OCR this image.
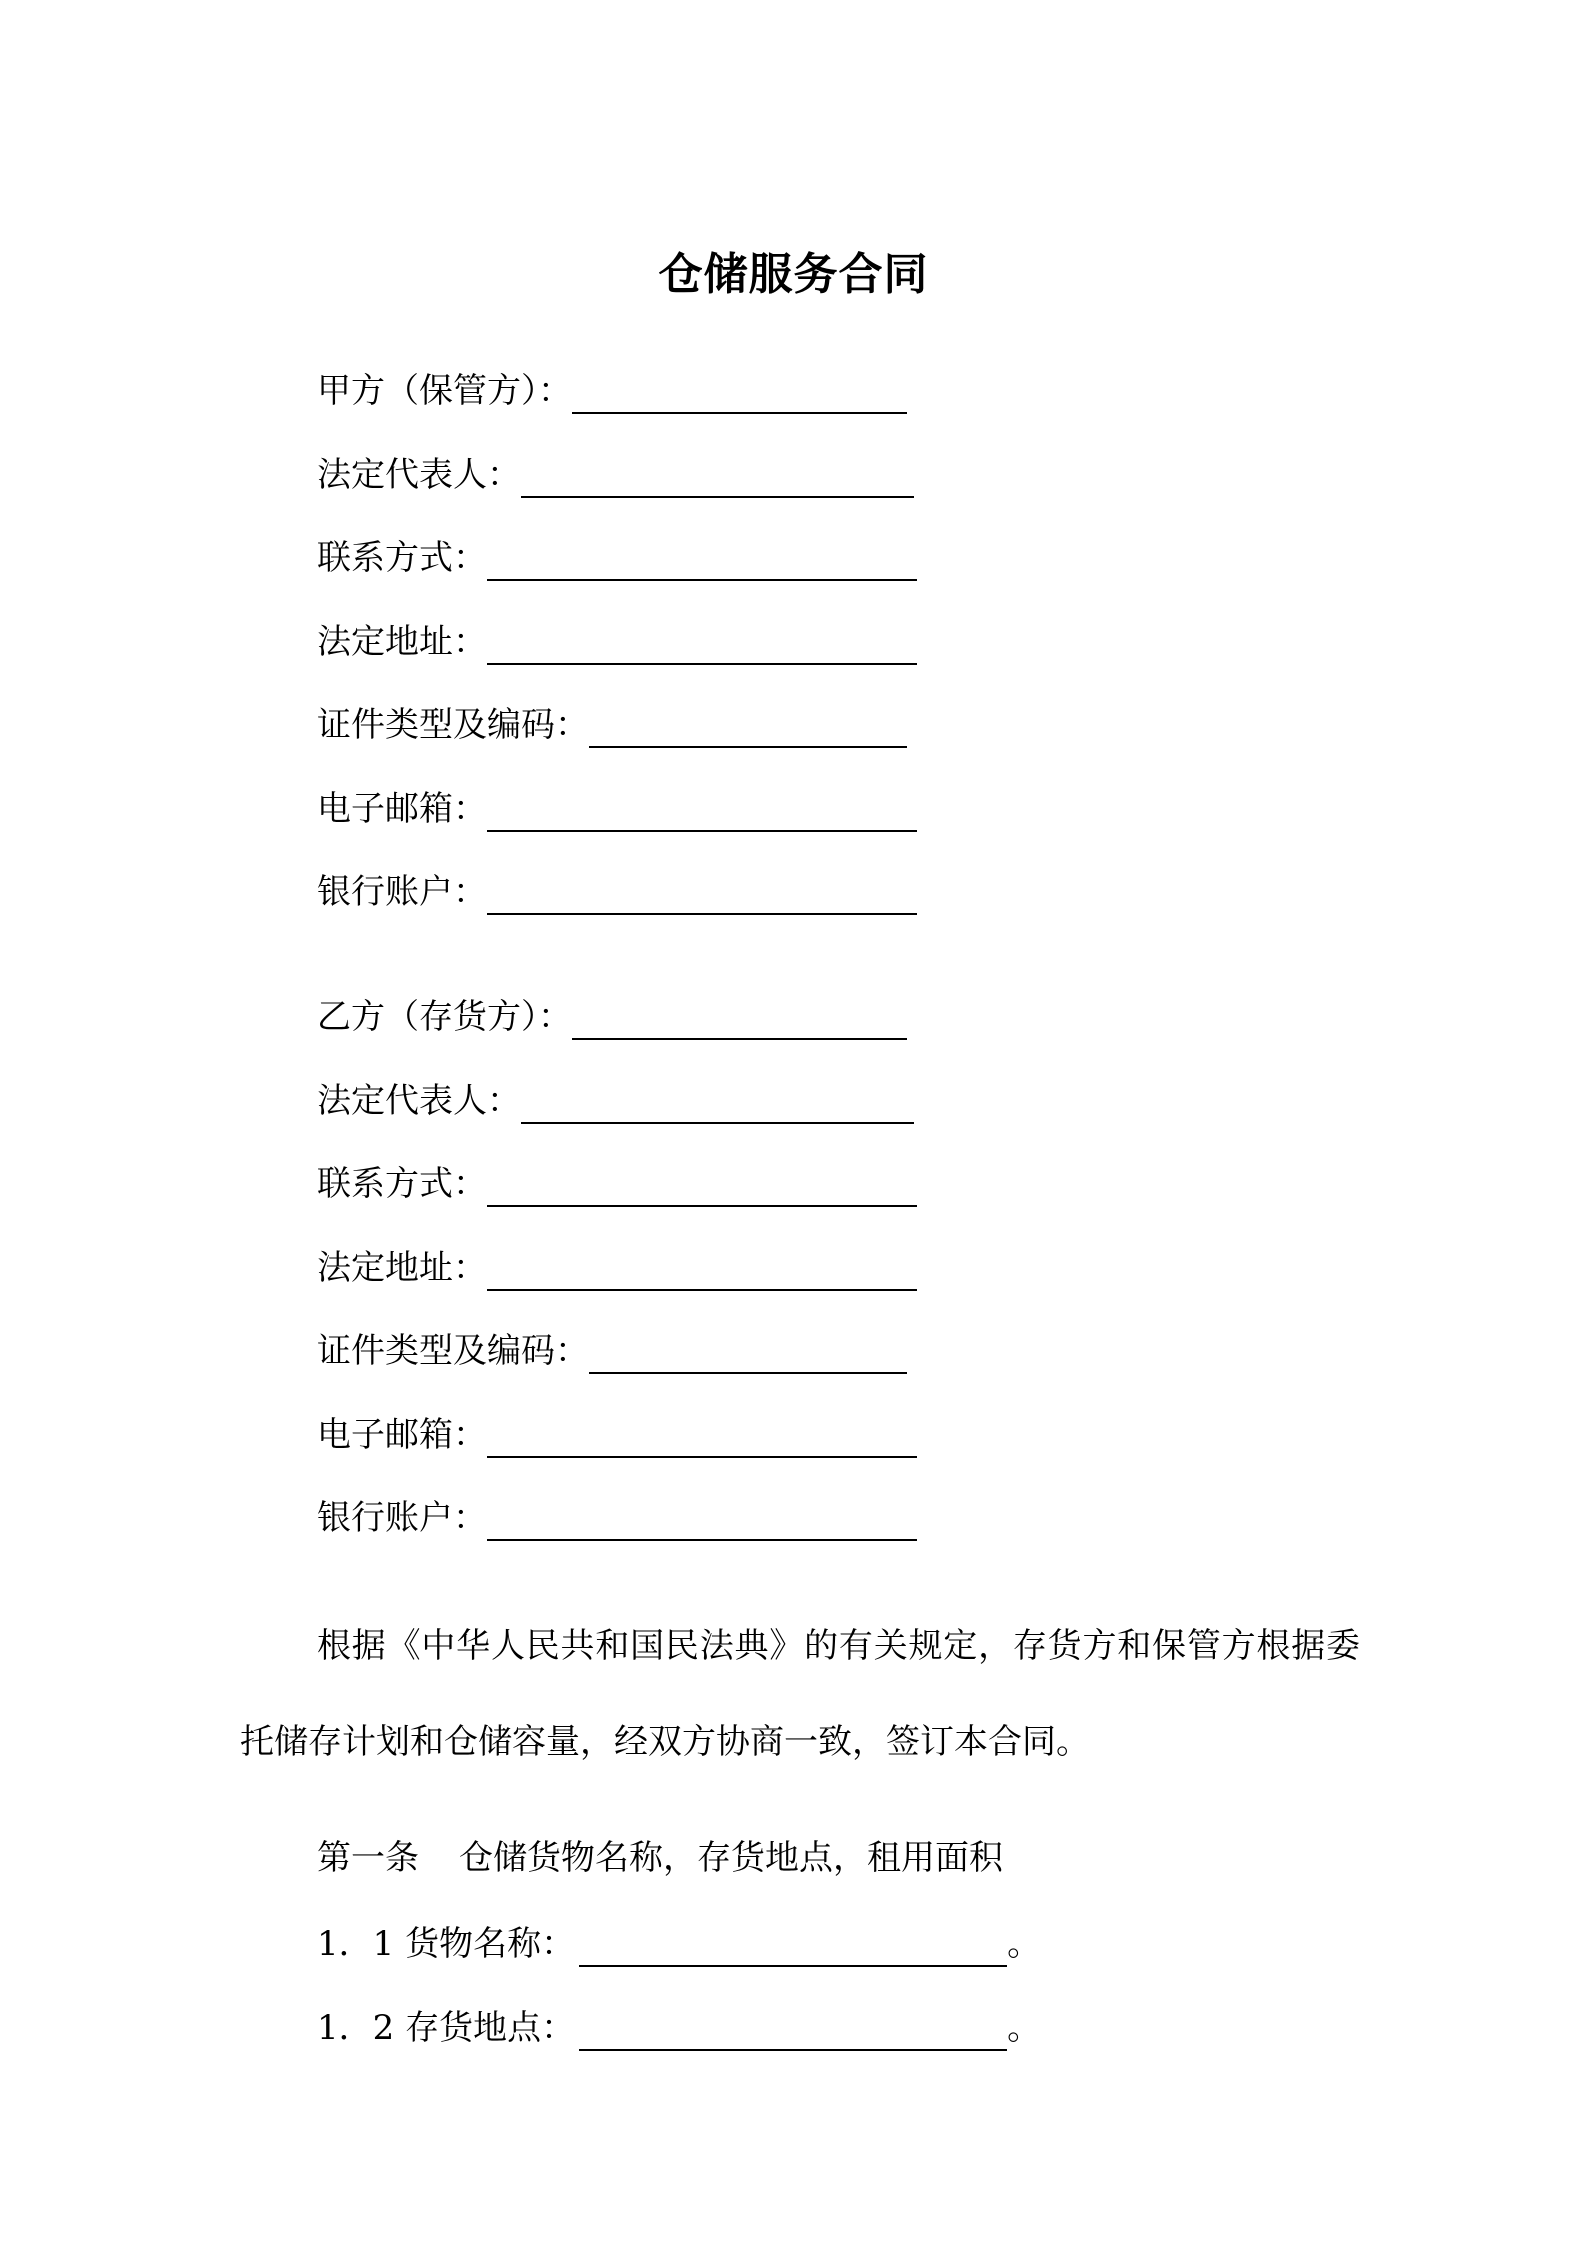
仓储服务合同
甲方（保管方）：
法定代表人：
联系方式：
法定地址：
证件类型及编码：
电子邮箱：
银行账户：
乙方（存货方）：
法定代表人：
联系方式：
法定地址：
证件类型及编码：
电子邮箱：
银行账户：
根据《中华人民共和国民法典》的有关规定，存货方和保管方根据委托储存计划和仓储容量，经双方协商一致，签订本合同。
第一条 仓储货物名称，存货地点，租用面积
1．1 货物名称：	。
1．2 存货地点：	。
